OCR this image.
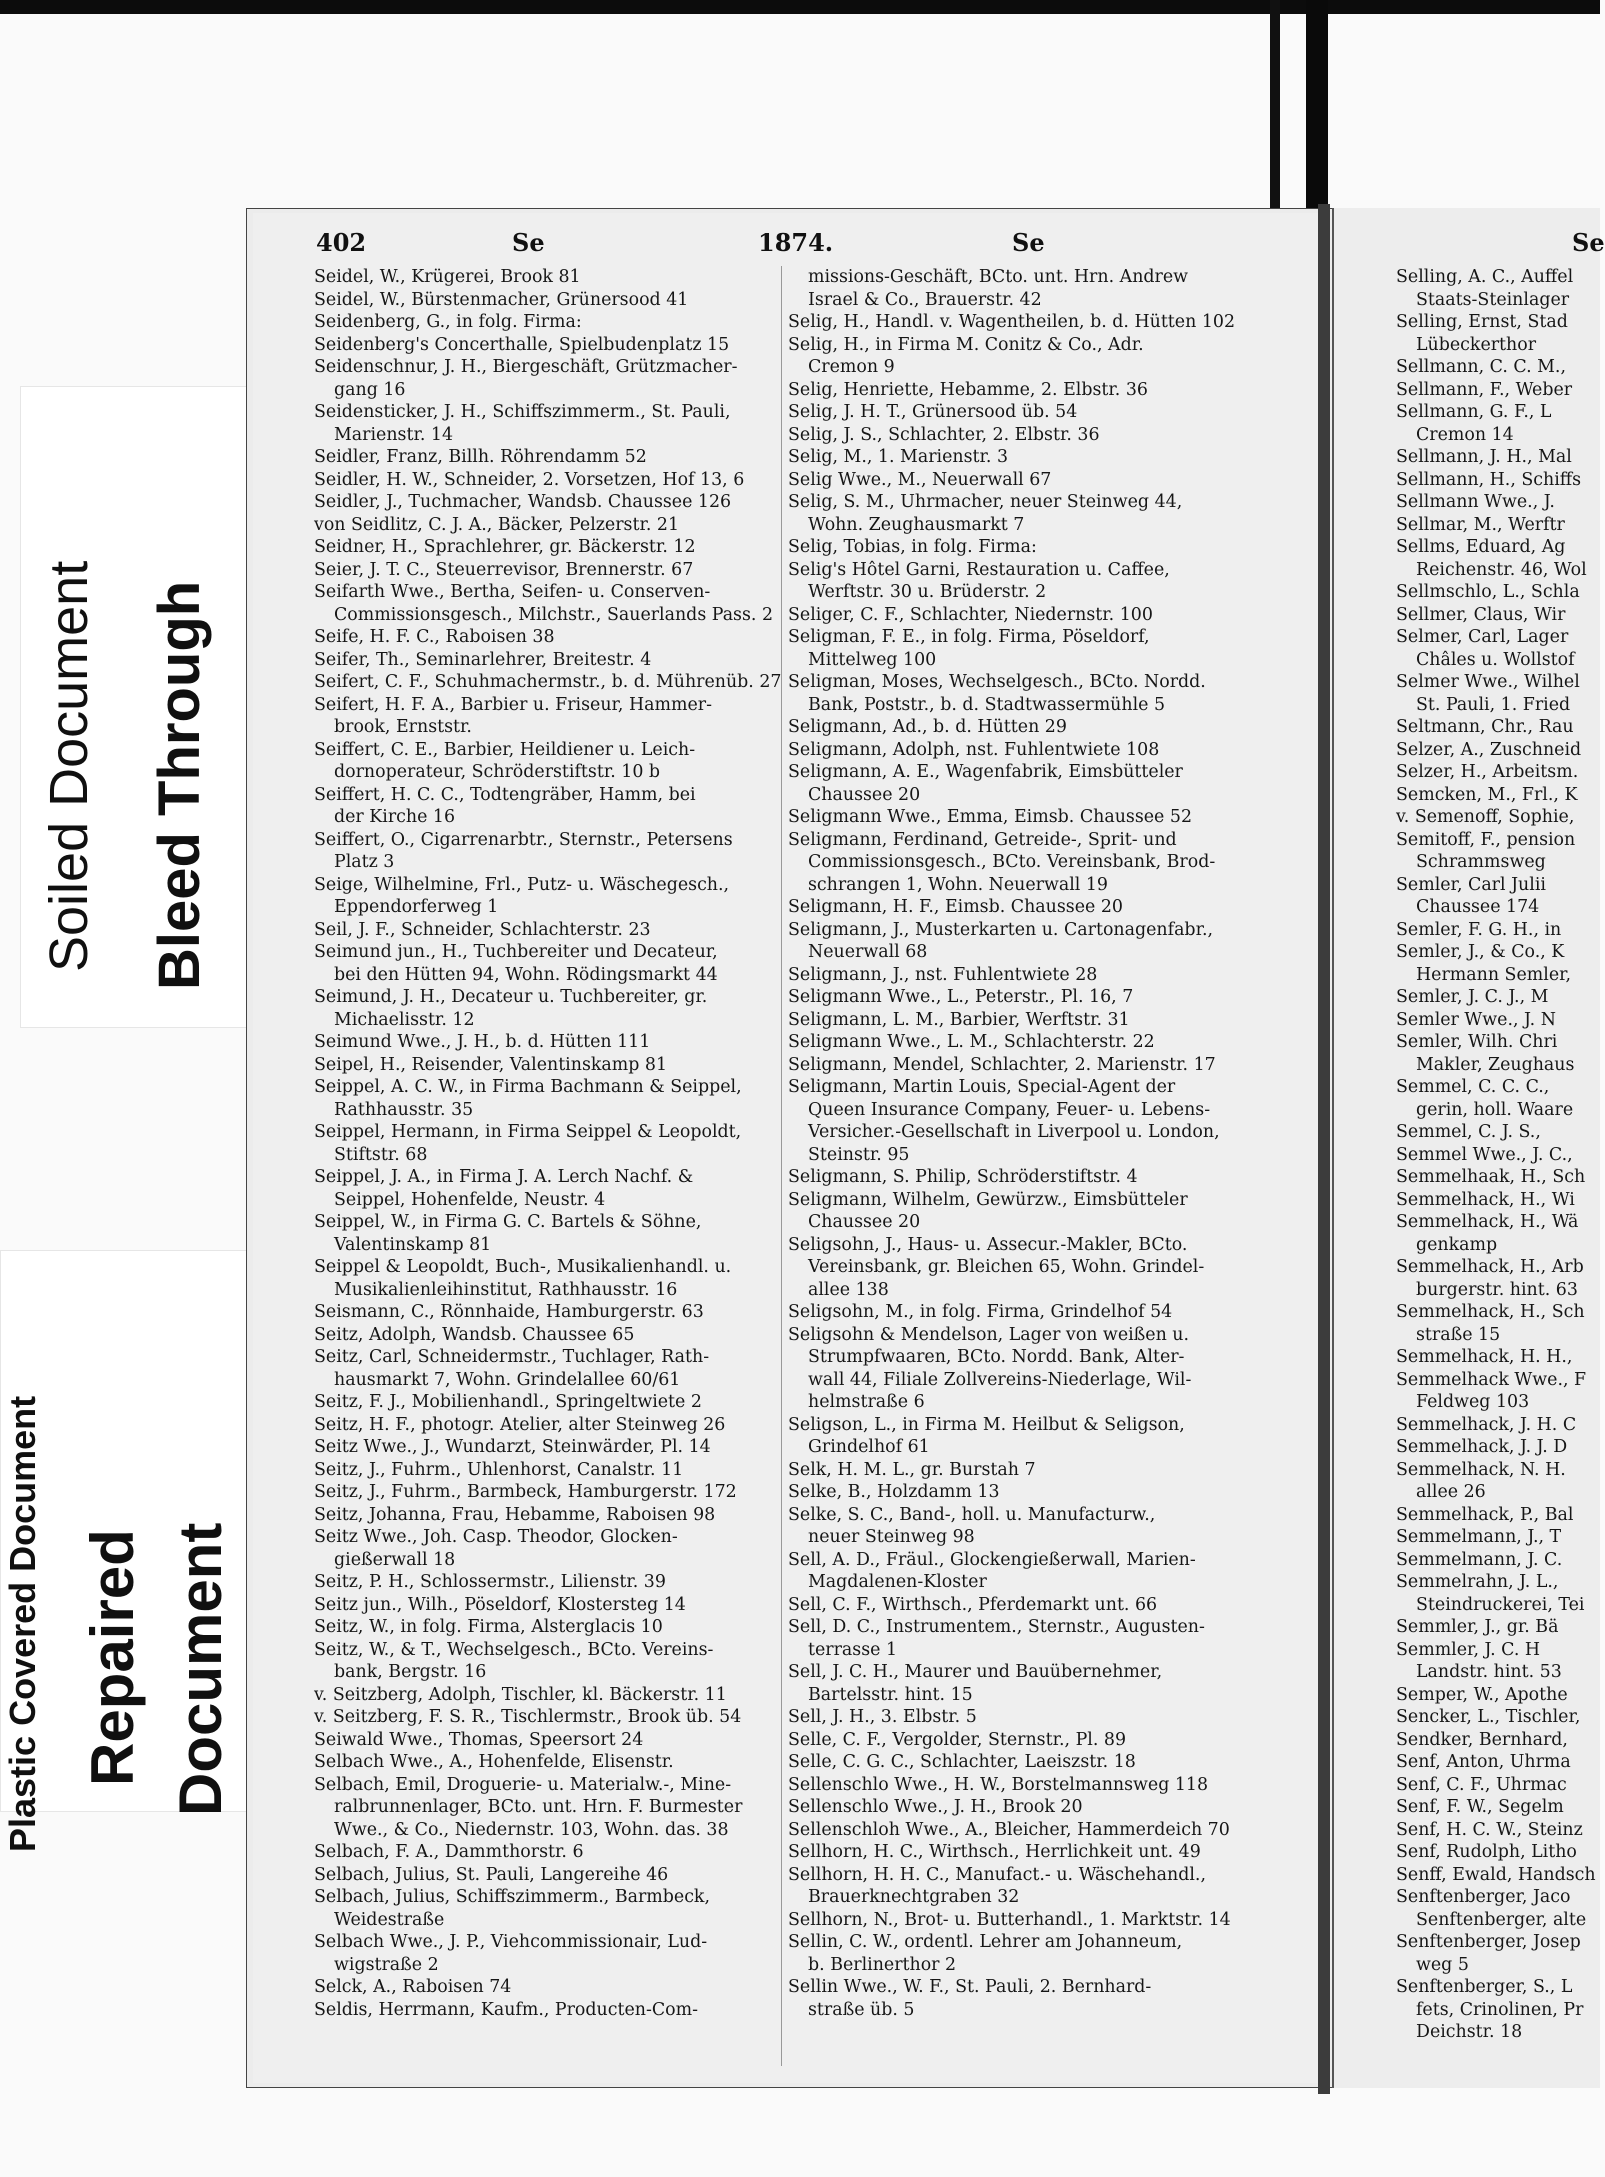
Soiled Document Bleed Through
Plastic Covered Document Repaired Document
402	Se	1874.	Se	Se
Seidel, W., Krügerei, Brook 81
Seidel, W., Bürstenmacher, Grünersood 41
Seidenberg, G., in folg. Firma:
Seidenberg's Concerthalle, Spielbudenplatz 15
Seidenschnur, J. H., Biergeschäft, Grützmacher-
gang 16
Seidensticker, J. H., Schiffszimmerm., St. Pauli,
Marienstr. 14
Seidler, Franz, Billh. Röhrendamm 52
Seidler, H. W., Schneider, 2. Vorsetzen, Hof 13, 6
Seidler, J., Tuchmacher, Wandsb. Chaussee 126
von Seidlitz, C. J. A., Bäcker, Pelzerstr. 21
Seidner, H., Sprachlehrer, gr. Bäckerstr. 12
Seier, J. T. C., Steuerrevisor, Brennerstr. 67
Seifarth Wwe., Bertha, Seifen- u. Conserven-
Commissionsgesch., Milchstr., Sauerlands Pass. 2
Seife, H. F. C., Raboisen 38
Seifer, Th., Seminarlehrer, Breitestr. 4
Seifert, C. F., Schuhmachermstr., b. d. Mührenüb. 27
Seifert, H. F. A., Barbier u. Friseur, Hammer-
brook, Ernststr.
Seiffert, C. E., Barbier, Heildiener u. Leich-
dornoperateur, Schröderstiftstr. 10 b
Seiffert, H. C. C., Todtengräber, Hamm, bei
der Kirche 16
Seiffert, O., Cigarrenarbtr., Sternstr., Petersens
Platz 3
Seige, Wilhelmine, Frl., Putz- u. Wäschegesch.,
Eppendorferweg 1
Seil, J. F., Schneider, Schlachterstr. 23
Seimund jun., H., Tuchbereiter und Decateur,
bei den Hütten 94, Wohn. Rödingsmarkt 44
Seimund, J. H., Decateur u. Tuchbereiter, gr.
Michaelisstr. 12
Seimund Wwe., J. H., b. d. Hütten 111
Seipel, H., Reisender, Valentinskamp 81
Seippel, A. C. W., in Firma Bachmann & Seippel,
Rathhausstr. 35
Seippel, Hermann, in Firma Seippel & Leopoldt,
Stiftstr. 68
Seippel, J. A., in Firma J. A. Lerch Nachf. &
Seippel, Hohenfelde, Neustr. 4
Seippel, W., in Firma G. C. Bartels & Söhne,
Valentinskamp 81
Seippel & Leopoldt, Buch-, Musikalienhandl. u.
Musikalienleihinstitut, Rathhausstr. 16
Seismann, C., Rönnhaide, Hamburgerstr. 63
Seitz, Adolph, Wandsb. Chaussee 65
Seitz, Carl, Schneidermstr., Tuchlager, Rath-
hausmarkt 7, Wohn. Grindelallee 60/61
Seitz, F. J., Mobilienhandl., Springeltwiete 2
Seitz, H. F., photogr. Atelier, alter Steinweg 26
Seitz Wwe., J., Wundarzt, Steinwärder, Pl. 14
Seitz, J., Fuhrm., Uhlenhorst, Canalstr. 11
Seitz, J., Fuhrm., Barmbeck, Hamburgerstr. 172
Seitz, Johanna, Frau, Hebamme, Raboisen 98
Seitz Wwe., Joh. Casp. Theodor, Glocken-
gießerwall 18
Seitz, P. H., Schlossermstr., Lilienstr. 39
Seitz jun., Wilh., Pöseldorf, Klostersteg 14
Seitz, W., in folg. Firma, Alsterglacis 10
Seitz, W., & T., Wechselgesch., BCto. Vereins-
bank, Bergstr. 16
v. Seitzberg, Adolph, Tischler, kl. Bäckerstr. 11
v. Seitzberg, F. S. R., Tischlermstr., Brook üb. 54
Seiwald Wwe., Thomas, Speersort 24
Selbach Wwe., A., Hohenfelde, Elisenstr.
Selbach, Emil, Droguerie- u. Materialw.-, Mine-
ralbrunnenlager, BCto. unt. Hrn. F. Burmester
Wwe., & Co., Niedernstr. 103, Wohn. das. 38
Selbach, F. A., Dammthorstr. 6
Selbach, Julius, St. Pauli, Langereihe 46
Selbach, Julius, Schiffszimmerm., Barmbeck,
Weidestraße
Selbach Wwe., J. P., Viehcommissionair, Lud-
wigstraße 2
Selck, A., Raboisen 74
Seldis, Herrmann, Kaufm., Producten-Com-
missions-Geschäft, BCto. unt. Hrn. Andrew
Israel & Co., Brauerstr. 42
Selig, H., Handl. v. Wagentheilen, b. d. Hütten 102
Selig, H., in Firma M. Conitz & Co., Adr.
Cremon 9
Selig, Henriette, Hebamme, 2. Elbstr. 36
Selig, J. H. T., Grünersood üb. 54
Selig, J. S., Schlachter, 2. Elbstr. 36
Selig, M., 1. Marienstr. 3
Selig Wwe., M., Neuerwall 67
Selig, S. M., Uhrmacher, neuer Steinweg 44,
Wohn. Zeughausmarkt 7
Selig, Tobias, in folg. Firma:
Selig's Hôtel Garni, Restauration u. Caffee,
Werftstr. 30 u. Brüderstr. 2
Seliger, C. F., Schlachter, Niedernstr. 100
Seligman, F. E., in folg. Firma, Pöseldorf,
Mittelweg 100
Seligman, Moses, Wechselgesch., BCto. Nordd.
Bank, Poststr., b. d. Stadtwassermühle 5
Seligmann, Ad., b. d. Hütten 29
Seligmann, Adolph, nst. Fuhlentwiete 108
Seligmann, A. E., Wagenfabrik, Eimsbütteler
Chaussee 20
Seligmann Wwe., Emma, Eimsb. Chaussee 52
Seligmann, Ferdinand, Getreide-, Sprit- und
Commissionsgesch., BCto. Vereinsbank, Brod-
schrangen 1, Wohn. Neuerwall 19
Seligmann, H. F., Eimsb. Chaussee 20
Seligmann, J., Musterkarten u. Cartonagenfabr.,
Neuerwall 68
Seligmann, J., nst. Fuhlentwiete 28
Seligmann Wwe., L., Peterstr., Pl. 16, 7
Seligmann, L. M., Barbier, Werftstr. 31
Seligmann Wwe., L. M., Schlachterstr. 22
Seligmann, Mendel, Schlachter, 2. Marienstr. 17
Seligmann, Martin Louis, Special-Agent der
Queen Insurance Company, Feuer- u. Lebens-
Versicher.-Gesellschaft in Liverpool u. London,
Steinstr. 95
Seligmann, S. Philip, Schröderstiftstr. 4
Seligmann, Wilhelm, Gewürzw., Eimsbütteler
Chaussee 20
Seligsohn, J., Haus- u. Assecur.-Makler, BCto.
Vereinsbank, gr. Bleichen 65, Wohn. Grindel-
allee 138
Seligsohn, M., in folg. Firma, Grindelhof 54
Seligsohn & Mendelson, Lager von weißen u.
Strumpfwaaren, BCto. Nordd. Bank, Alter-
wall 44, Filiale Zollvereins-Niederlage, Wil-
helmstraße 6
Seligson, L., in Firma M. Heilbut & Seligson,
Grindelhof 61
Selk, H. M. L., gr. Burstah 7
Selke, B., Holzdamm 13
Selke, S. C., Band-, holl. u. Manufacturw.,
neuer Steinweg 98
Sell, A. D., Fräul., Glockengießerwall, Marien-
Magdalenen-Kloster
Sell, C. F., Wirthsch., Pferdemarkt unt. 66
Sell, D. C., Instrumentem., Sternstr., Augusten-
terrasse 1
Sell, J. C. H., Maurer und Bauübernehmer,
Bartelsstr. hint. 15
Sell, J. H., 3. Elbstr. 5
Selle, C. F., Vergolder, Sternstr., Pl. 89
Selle, C. G. C., Schlachter, Laeiszstr. 18
Sellenschlo Wwe., H. W., Borstelmannsweg 118
Sellenschlo Wwe., J. H., Brook 20
Sellenschloh Wwe., A., Bleicher, Hammerdeich 70
Sellhorn, H. C., Wirthsch., Herrlichkeit unt. 49
Sellhorn, H. H. C., Manufact.- u. Wäschehandl.,
Brauerknechtgraben 32
Sellhorn, N., Brot- u. Butterhandl., 1. Marktstr. 14
Sellin, C. W., ordentl. Lehrer am Johanneum,
b. Berlinerthor 2
Sellin Wwe., W. F., St. Pauli, 2. Bernhard-
straße üb. 5
Selling, A. C., Auffel
Staats-Steinlager
Selling, Ernst, Stad
Lübeckerthor
Sellmann, C. C. M.,
Sellmann, F., Weber
Sellmann, G. F., L
Cremon 14
Sellmann, J. H., Mal
Sellmann, H., Schiffs
Sellmann Wwe., J.
Sellmar, M., Werftr
Sellms, Eduard, Ag
Reichenstr. 46, Wol
Sellmschlo, L., Schla
Sellmer, Claus, Wir
Selmer, Carl, Lager
Châles u. Wollstof
Selmer Wwe., Wilhel
St. Pauli, 1. Fried
Seltmann, Chr., Rau
Selzer, A., Zuschneid
Selzer, H., Arbeitsm.
Semcken, M., Frl., K
v. Semenoff, Sophie,
Semitoff, F., pension
Schrammsweg
Semler, Carl Julii
Chaussee 174
Semler, F. G. H., in
Semler, J., & Co., K
Hermann Semler,
Semler, J. C. J., M
Semler Wwe., J. N
Semler, Wilh. Chri
Makler, Zeughaus
Semmel, C. C. C.,
gerin, holl. Waare
Semmel, C. J. S.,
Semmel Wwe., J. C.,
Semmelhaak, H., Sch
Semmelhack, H., Wi
Semmelhack, H., Wä
genkamp
Semmelhack, H., Arb
burgerstr. hint. 63
Semmelhack, H., Sch
straße 15
Semmelhack, H. H.,
Semmelhack Wwe., F
Feldweg 103
Semmelhack, J. H. C
Semmelhack, J. J. D
Semmelhack, N. H.
allee 26
Semmelhack, P., Bal
Semmelmann, J., T
Semmelmann, J. C.
Semmelrahn, J. L.,
Steindruckerei, Tei
Semmler, J., gr. Bä
Semmler, J. C. H
Landstr. hint. 53
Semper, W., Apothe
Sencker, L., Tischler,
Sendker, Bernhard,
Senf, Anton, Uhrma
Senf, C. F., Uhrmac
Senf, F. W., Segelm
Senf, H. C. W., Steinz
Senf, Rudolph, Litho
Senff, Ewald, Handsch
Senftenberger, Jaco
Senftenberger, alte
Senftenberger, Josep
weg 5
Senftenberger, S., L
fets, Crinolinen, Pr
Deichstr. 18
